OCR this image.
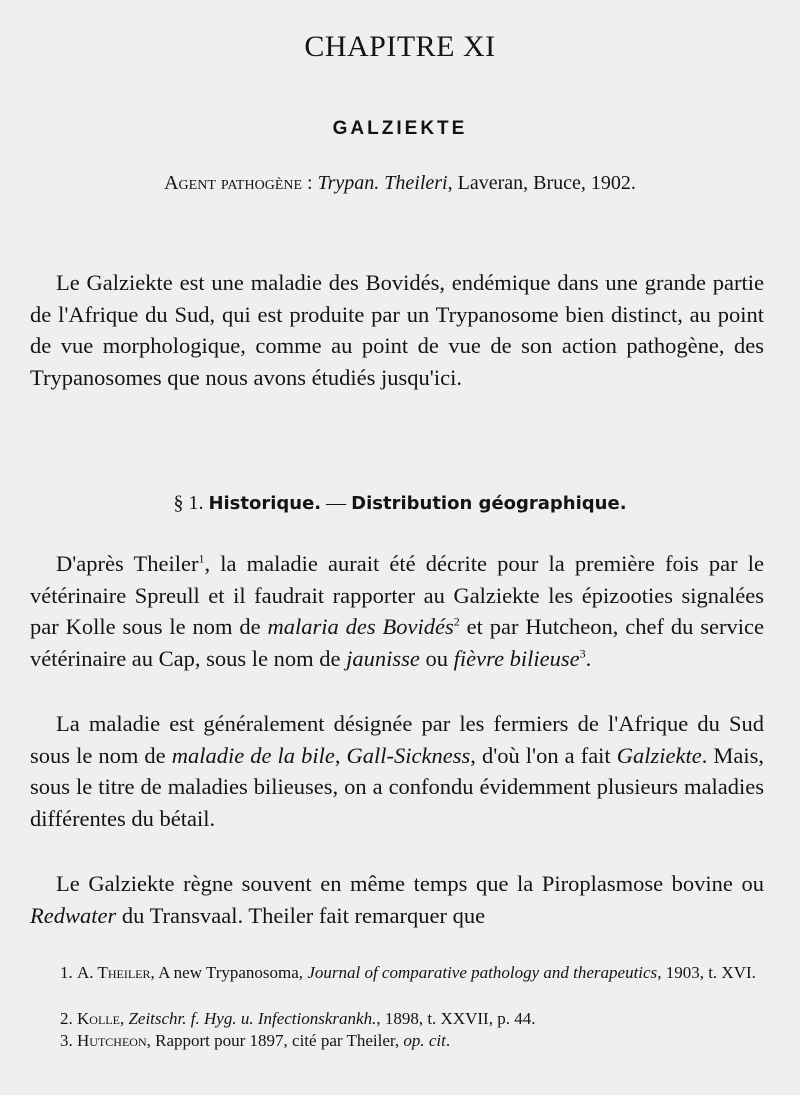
CHAPITRE XI
GALZIEKTE
Agent pathogène : Trypan. Theileri, Laveran, Bruce, 1902.

Le Galziekte est une maladie des Bovidés, endémique dans une grande partie de l'Afrique du Sud, qui est produite par un Trypanosome bien distinct, au point de vue morphologique, comme au point de vue de son action pathogène, des Trypanosomes que nous avons étudiés jusqu'ici.

§ 1. Historique. — Distribution géographique.

D'après Theiler$^1$, la maladie aurait été décrite pour la première fois par le vétérinaire Spreull et il faudrait rapporter au Galziekte les épizooties signalées par Kolle sous le nom de malaria des Bovidés$^2$ et par Hutcheon, chef du service vétérinaire au Cap, sous le nom de jaunisse ou fièvre bilieuse$^3$.

La maladie est généralement désignée par les fermiers de l'Afrique du Sud sous le nom de maladie de la bile, Gall-Sickness, d'où l'on a fait Galziekte. Mais, sous le titre de maladies bilieuses, on a confondu évidemment plusieurs maladies différentes du bétail.

Le Galziekte règne souvent en même temps que la Piroplasmose bovine ou Redwater du Transvaal. Theiler fait remarquer que

1. A. Theiler, A new Trypanosoma, Journal of comparative pathology and therapeutics, 1903, t. XVI.

2. Kolle, Zeitschr. f. Hyg. u. Infectionskrankh., 1898, t. XXVII, p. 44.

3. Hutcheon, Rapport pour 1897, cité par Theiler, op. cit.
